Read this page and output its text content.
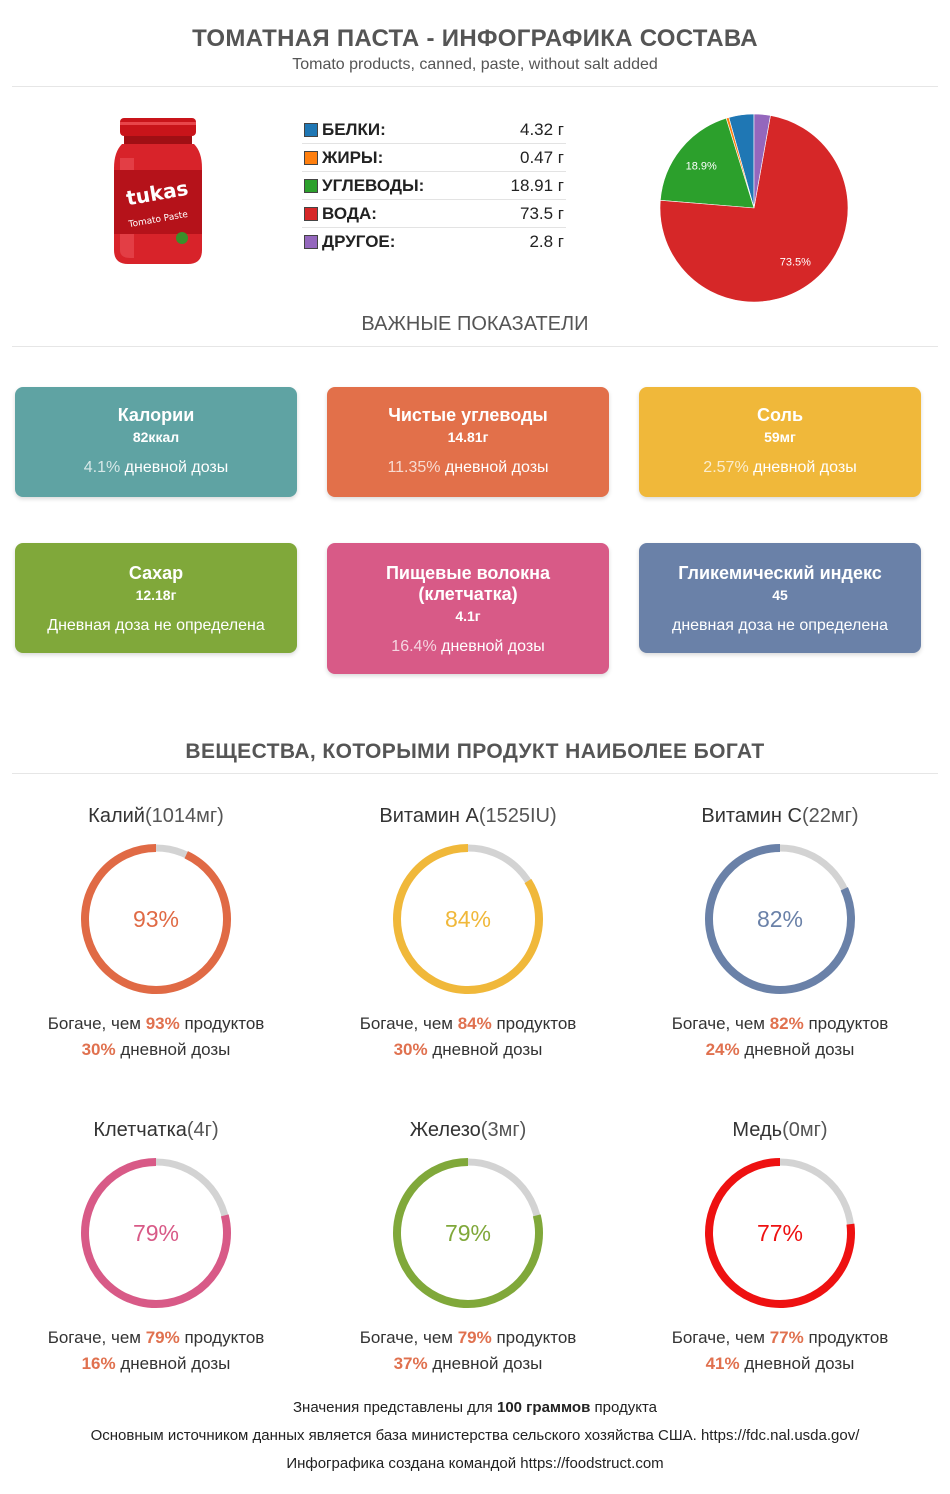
ТОМАТНАЯ ПАСТА - ИНФОГРАФИКА СОСТАВА
Tomato products, canned, paste, without salt added
tukas
Tomato Paste
БЕЛКИ:	4.32 г
ЖИРЫ:	0.47 г
УГЛЕВОДЫ:	18.91 г
ВОДА:	73.5 г
ДРУГОЕ:	2.8 г
18.9%
73.5%
ВАЖНЫЕ ПОКАЗАТЕЛИ
Калории
82ккал
4.1% дневной дозы
Чистые углеводы
14.81г
11.35% дневной дозы
Соль
59мг
2.57% дневной дозы
Сахар
12.18г
Дневная доза не определена
Пищевые волокна (клетчатка)
4.1г
16.4% дневной дозы
Гликемический индекс
45
дневная доза не определена
ВЕЩЕСТВА, КОТОРЫМИ ПРОДУКТ НАИБОЛЕЕ БОГАТ
Калий(1014мг)
93%
Богаче, чем 93% продуктов
30% дневной дозы
Витамин A(1525IU)
84%
Богаче, чем 84% продуктов
30% дневной дозы
Витамин C(22мг)
82%
Богаче, чем 82% продуктов
24% дневной дозы
Клетчатка(4г)
79%
Богаче, чем 79% продуктов
16% дневной дозы
Железо(3мг)
79%
Богаче, чем 79% продуктов
37% дневной дозы
Медь(0мг)
77%
Богаче, чем 77% продуктов
41% дневной дозы
Значения представлены для 100 граммов продукта
Основным источником данных является база министерства сельского хозяйства США. https://fdc.nal.usda.gov/
Инфографика создана командой https://foodstruct.com
